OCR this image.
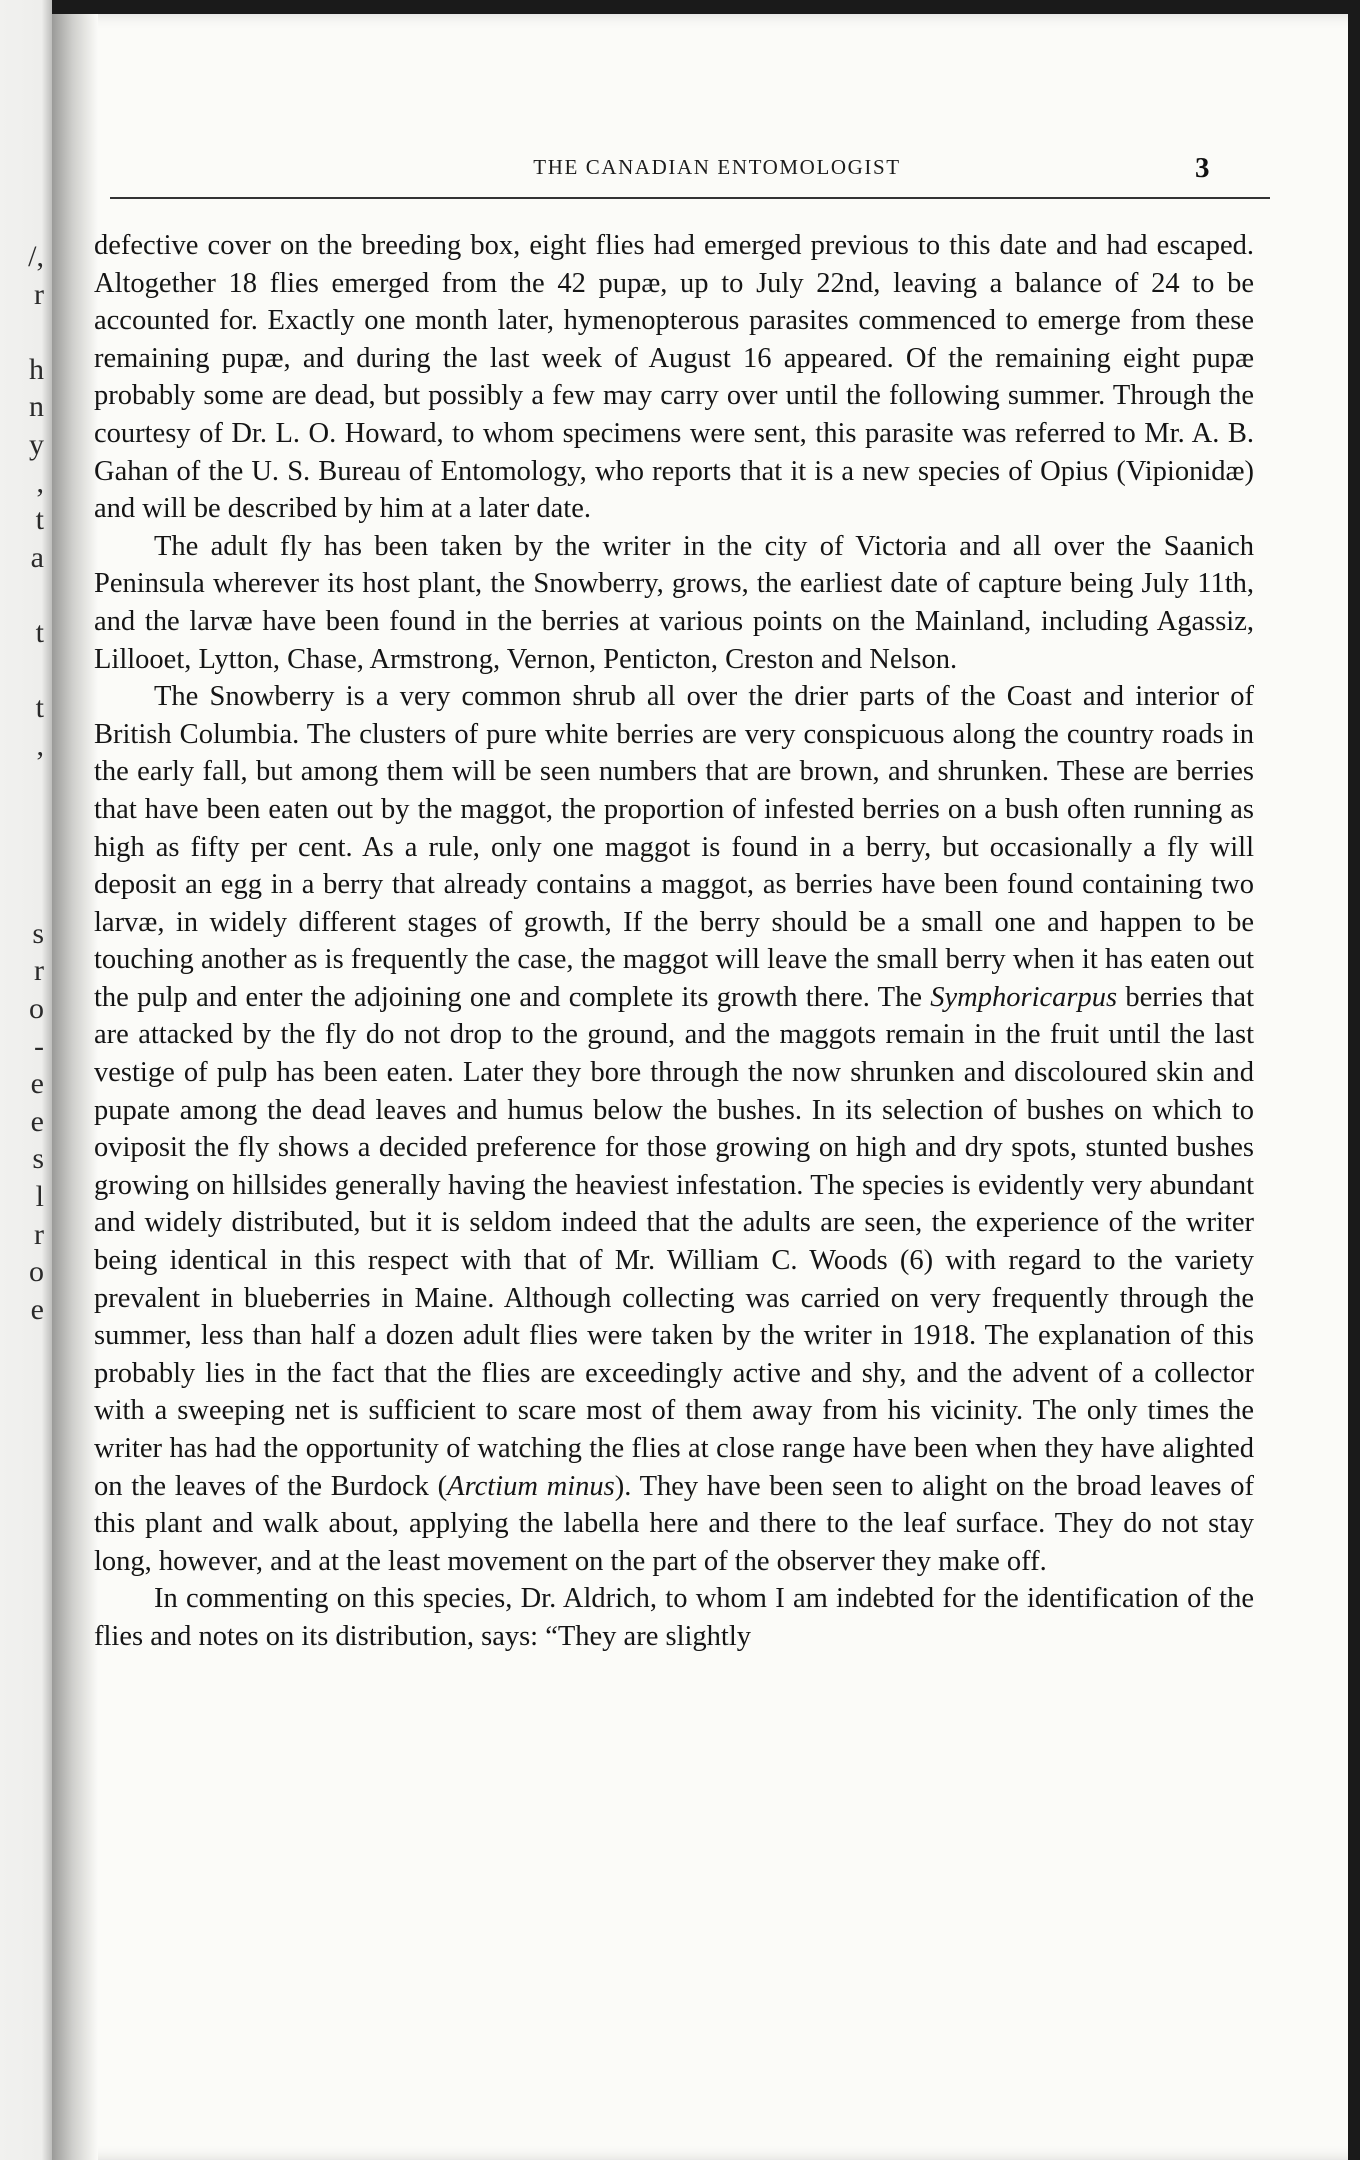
/,
r
h
n
y
,
t
a
t
t
,
s
r
o
-
e
e
s
l
r
o
e
THE CANADIAN ENTOMOLOGIST	3

defective cover on the breeding box, eight flies had emerged previous to this date and had escaped. Altogether 18 flies emerged from the 42 pupæ, up to July 22nd, leaving a balance of 24 to be accounted for. Exactly one month later, hymenopterous parasites commenced to emerge from these remaining pupæ, and during the last week of August 16 appeared. Of the remaining eight pupæ probably some are dead, but possibly a few may carry over until the following summer. Through the courtesy of Dr. L. O. Howard, to whom specimens were sent, this parasite was referred to Mr. A. B. Gahan of the U. S. Bureau of Entomology, who reports that it is a new species of Opius (Vipionidæ) and will be described by him at a later date.

The adult fly has been taken by the writer in the city of Victoria and all over the Saanich Peninsula wherever its host plant, the Snowberry, grows, the earliest date of capture being July 11th, and the larvæ have been found in the berries at various points on the Mainland, including Agassiz, Lillooet, Lytton, Chase, Armstrong, Vernon, Penticton, Creston and Nelson.

The Snowberry is a very common shrub all over the drier parts of the Coast and interior of British Columbia. The clusters of pure white berries are very conspicuous along the country roads in the early fall, but among them will be seen numbers that are brown, and shrunken. These are berries that have been eaten out by the maggot, the proportion of infested berries on a bush often running as high as fifty per cent. As a rule, only one maggot is found in a berry, but occasionally a fly will deposit an egg in a berry that already contains a maggot, as berries have been found containing two larvæ, in widely different stages of growth, If the berry should be a small one and happen to be touching another as is frequently the case, the maggot will leave the small berry when it has eaten out the pulp and enter the adjoining one and complete its growth there. The Symphoricarpus berries that are attacked by the fly do not drop to the ground, and the maggots remain in the fruit until the last vestige of pulp has been eaten. Later they bore through the now shrunken and discoloured skin and pupate among the dead leaves and humus below the bushes. In its selection of bushes on which to oviposit the fly shows a decided preference for those growing on high and dry spots, stunted bushes growing on hillsides generally having the heaviest infestation. The species is evidently very abundant and widely distributed, but it is seldom indeed that the adults are seen, the experience of the writer being identical in this respect with that of Mr. William C. Woods (6) with regard to the variety prevalent in blueberries in Maine. Although collecting was carried on very frequently through the summer, less than half a dozen adult flies were taken by the writer in 1918. The explanation of this probably lies in the fact that the flies are exceedingly active and shy, and the advent of a collector with a sweeping net is sufficient to scare most of them away from his vicinity. The only times the writer has had the opportunity of watching the flies at close range have been when they have alighted on the leaves of the Burdock (Arctium minus). They have been seen to alight on the broad leaves of this plant and walk about, applying the labella here and there to the leaf surface. They do not stay long, however, and at the least movement on the part of the observer they make off.

In commenting on this species, Dr. Aldrich, to whom I am indebted for the identification of the flies and notes on its distribution, says: “They are slightly
